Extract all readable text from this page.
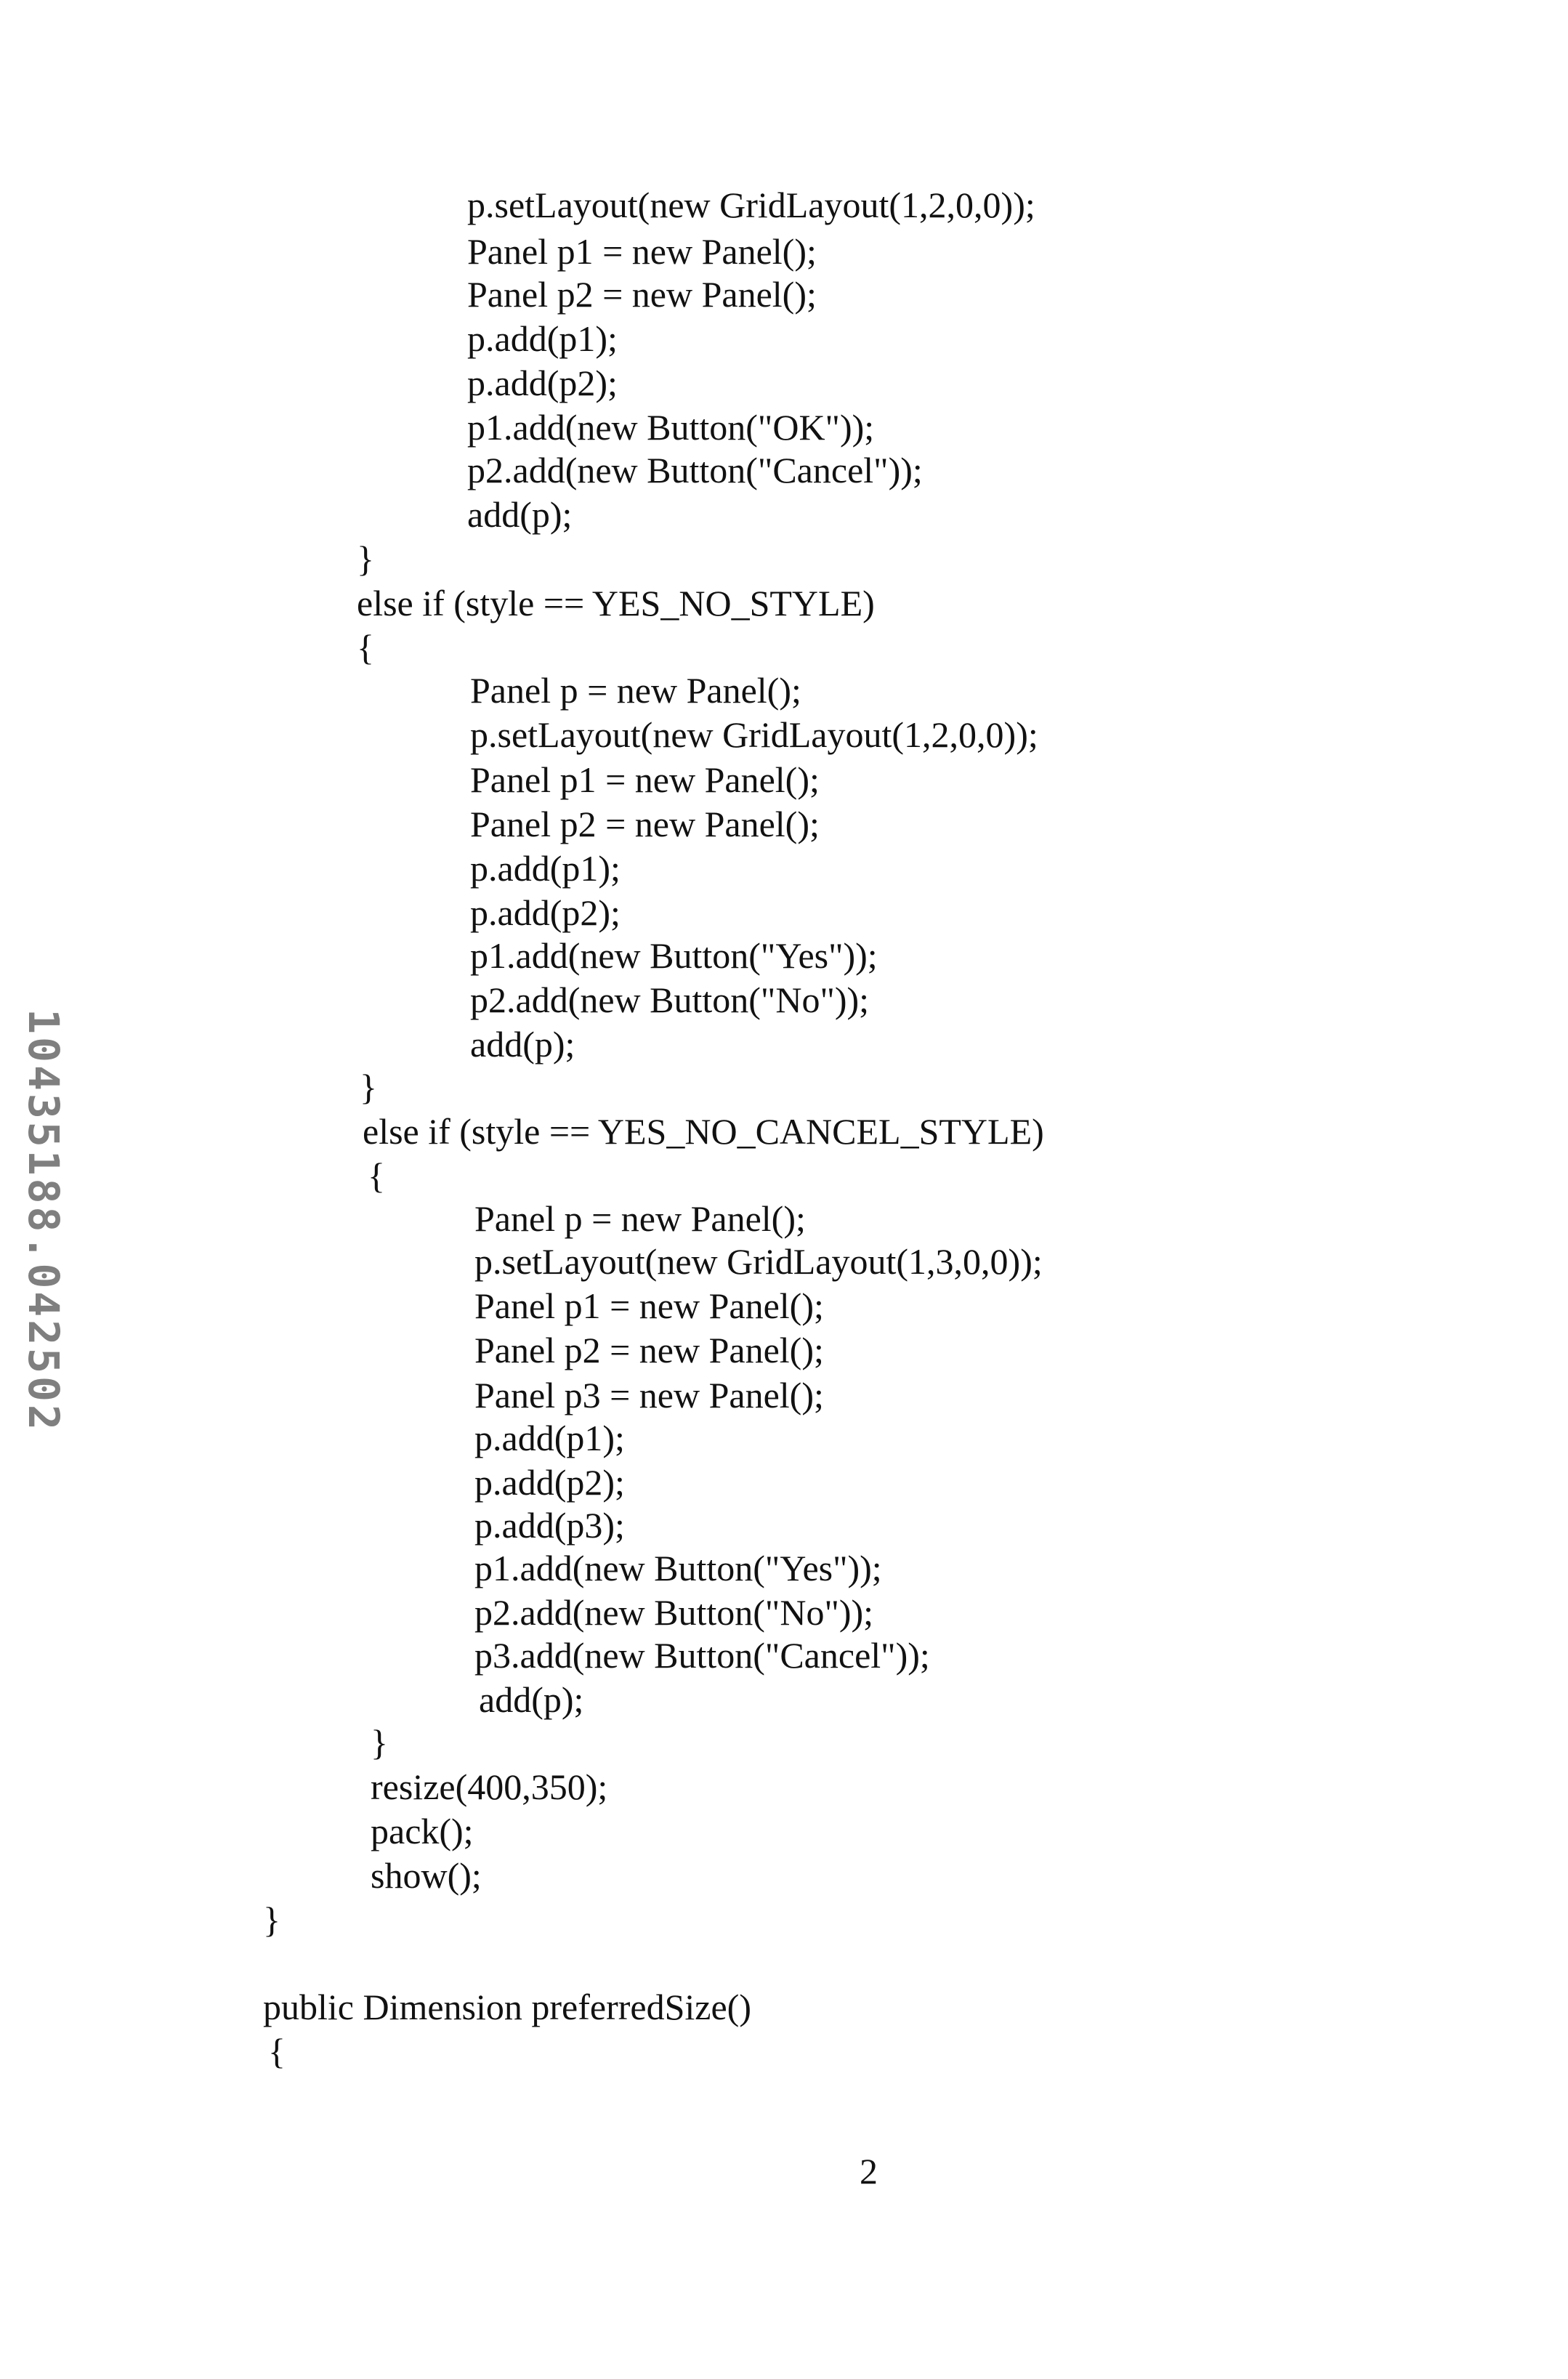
p.setLayout(new GridLayout(1,2,0,0));
Panel p1 = new Panel();
Panel p2 = new Panel();
p.add(p1);
p.add(p2);
p1.add(new Button("OK"));
p2.add(new Button("Cancel"));
add(p);
}
else if (style == YES_NO_STYLE)
{
Panel p = new Panel();
p.setLayout(new GridLayout(1,2,0,0));
Panel p1 = new Panel();
Panel p2 = new Panel();
p.add(p1);
p.add(p2);
p1.add(new Button("Yes"));
p2.add(new Button("No"));
add(p);
}
else if (style == YES_NO_CANCEL_STYLE)
{
Panel p = new Panel();
p.setLayout(new GridLayout(1,3,0,0));
Panel p1 = new Panel();
Panel p2 = new Panel();
Panel p3 = new Panel();
p.add(p1);
p.add(p2);
p.add(p3);
p1.add(new Button("Yes"));
p2.add(new Button("No"));
p3.add(new Button("Cancel"));
add(p);
}
resize(400,350);
pack();
show();
}
public Dimension preferredSize()
{
10435188.042502
2
